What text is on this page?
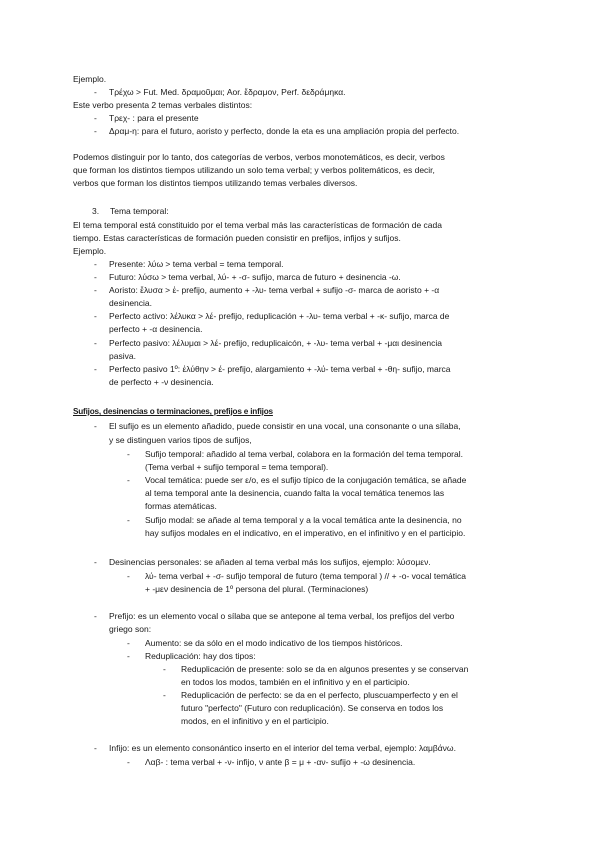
Ejemplo.
- Τρέχω > Fut. Med. δραμοῦμαι; Aor. ἔδραμον, Perf. δεδράμηκα.
Este verbo presenta 2 temas verbales distintos:
- Τρεχ- : para el presente
- Δραμ-η: para el futuro, aoristo y perfecto, donde la eta es una ampliación propia del perfecto.
Podemos distinguir por lo tanto, dos categorías de verbos, verbos monotemáticos, es decir, verbos
que forman los distintos tiempos utilizando un solo tema verbal; y verbos politemáticos, es decir,
verbos que forman los distintos tiempos utilizando temas verbales diversos.
3. Tema temporal:
El tema temporal está constituido por el tema verbal más las características de formación de cada
tiempo. Estas características de formación pueden consistir en prefijos, infijos y sufijos.
Ejemplo.
- Presente: λύω > tema verbal = tema temporal.
- Futuro: λύσω > tema verbal, λύ- + -σ- sufijo, marca de futuro + desinencia -ω.
- Aoristo: ἔλυσα > ἐ- prefijo, aumento + -λυ- tema verbal + sufijo -σ- marca de aoristo + -α
desinencia.
- Perfecto activo: λέλυκα > λέ- prefijo, reduplicación + -λυ- tema verbal + -κ- sufijo, marca de
perfecto + -α desinencia.
- Perfecto pasivo: λέλυμαι > λέ- prefijo, reduplicaicón, + -λυ- tema verbal + -μαι desinencia
pasiva.
- Perfecto pasivo 1º: ἐλύθην > έ- prefijo, alargamiento + -λύ- tema verbal + -θη- sufijo, marca
de perfecto + -ν desinencia.
Sufijos, desinencias o terminaciones, prefijos e infijos
- El sufijo es un elemento añadido, puede consistir en una vocal, una consonante o una sílaba,
y se distinguen varios tipos de sufijos,
- Sufijo temporal: añadido al tema verbal, colabora en la formación del tema temporal.
(Tema verbal + sufijo temporal = tema temporal).
- Vocal temática: puede ser ε/ο, es el sufijo típico de la conjugación temática, se añade
al tema temporal ante la desinencia, cuando falta la vocal temática tenemos las
formas atemáticas.
- Sufijo modal: se añade al tema temporal y a la vocal temática ante la desinencia, no
hay sufijos modales en el indicativo, en el imperativo, en el infinitivo y en el participio.
- Desinencias personales: se añaden al tema verbal más los sufijos, ejemplo: λύσομεν.
- λύ- tema verbal + -σ- sufijo temporal de futuro (tema temporal ) // + -ο- vocal temática
+ -μεν desinencia de 1º persona del plural. (Terminaciones)
- Prefijo: es un elemento vocal o sílaba que se antepone al tema verbal, los prefijos del verbo
griego son:
- Aumento: se da sólo en el modo indicativo de los tiempos históricos.
- Reduplicación: hay dos tipos:
- Reduplicación de presente: solo se da en algunos presentes y se conservan
en todos los modos, también en el infinitivo y en el participio.
- Reduplicación de perfecto: se da en el perfecto, pluscuamperfecto y en el
futuro "perfecto" (Futuro con reduplicación). Se conserva en todos los
modos, en el infinitivo y en el participio.
- Infijo: es un elemento consonántico inserto en el interior del tema verbal, ejemplo: λαμβάνω.
- Λαβ- : tema verbal + -ν- infijo, ν ante β = μ + -αν- sufijo + -ω desinencia.
